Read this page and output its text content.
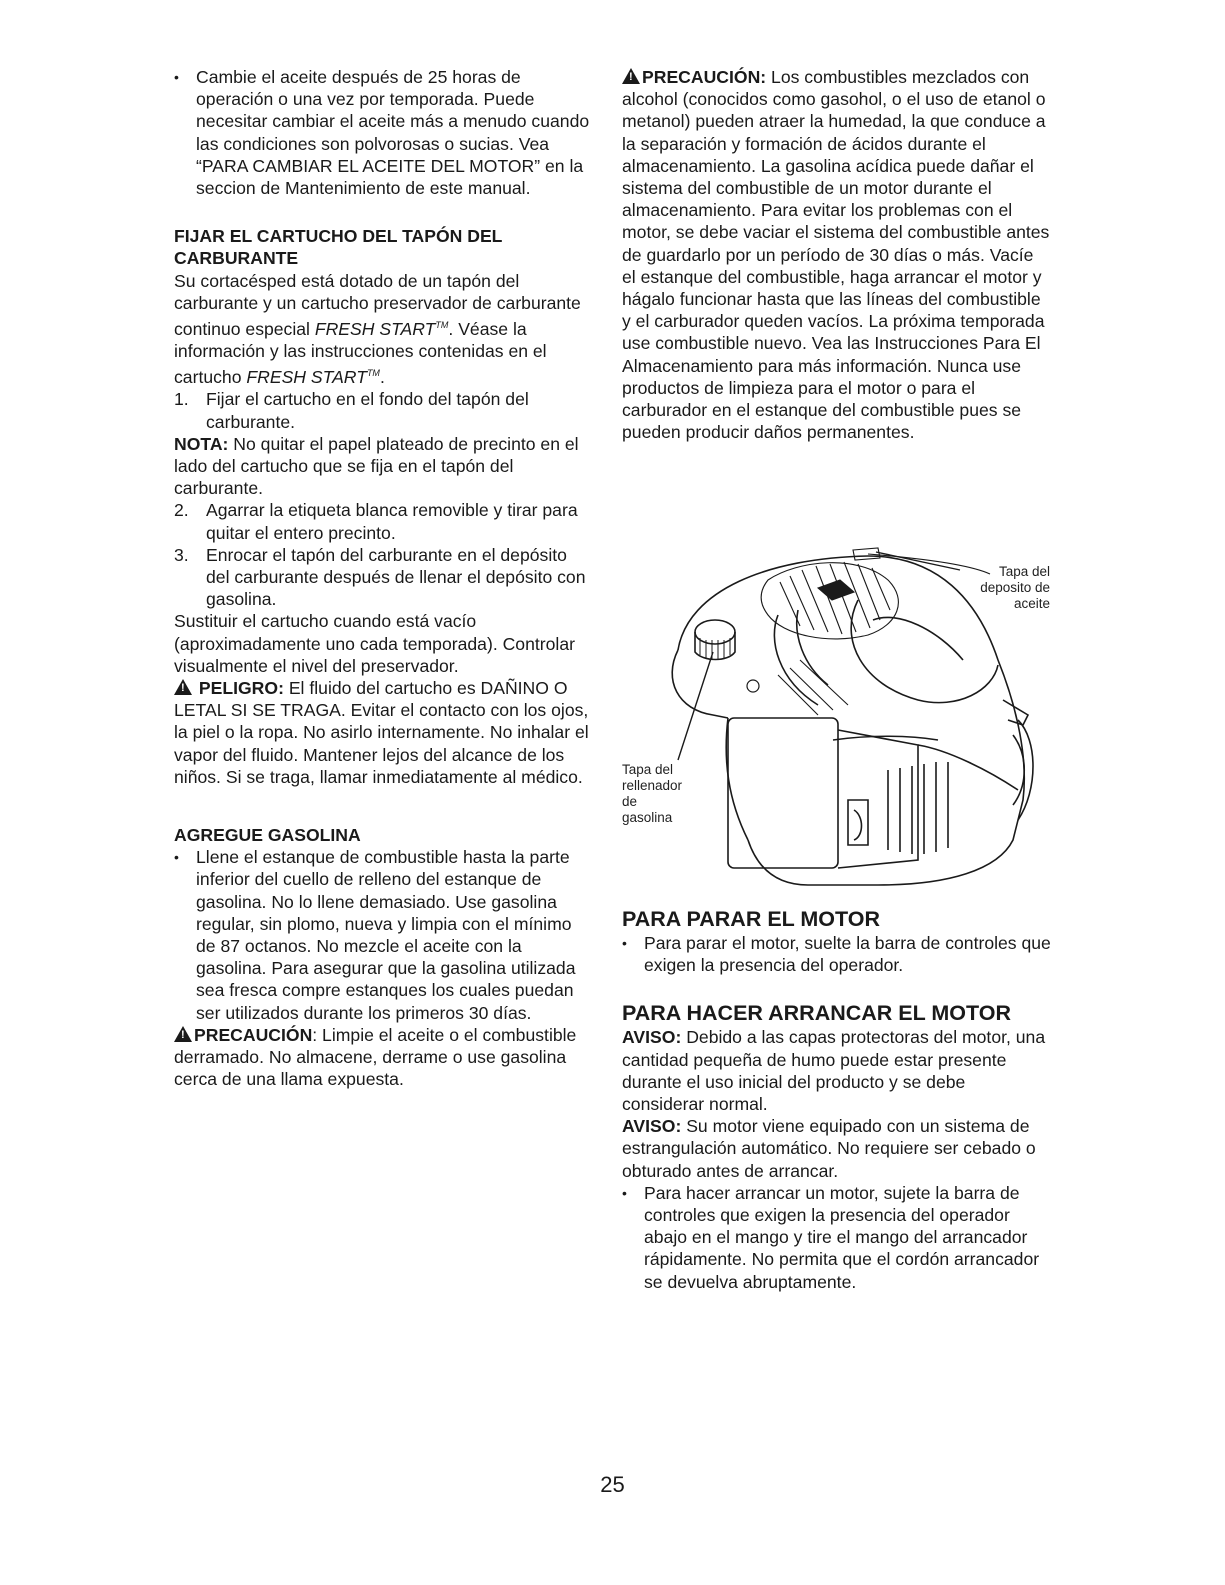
• Cambie el aceite después de 25 horas de operación o una vez por temporada. Puede necesitar cambiar el aceite más a menudo cuando las condiciones son polvorosas o sucias. Vea “PARA CAMBIAR EL ACEITE DEL MOTOR” en la seccion de Mantenimiento de este manual.

FIJAR EL CARTUCHO DEL TAPÓN DEL CARBURANTE

Su cortacésped está dotado de un tapón del carburante y un cartucho preservador de carburante continuo especial FRESH START™. Véase la información y las instrucciones contenidas en el cartucho FRESH START™.

1. Fijar el cartucho en el fondo del tapón del carburante.

NOTA: No quitar el papel plateado de precinto en el lado del cartucho que se fija en el tapón del carburante.

2. Agarrar la etiqueta blanca removible y tirar para quitar el entero precinto.

3. Enrocar el tapón del carburante en el depósito del carburante después de llenar el depósito con gasolina.

Sustituir el cartucho cuando está vacío (aproximadamente uno cada temporada). Controlar visualmente el nivel del preservador.

! PELIGRO: El fluido del cartucho es DAÑINO O LETAL SI SE TRAGA. Evitar el contacto con los ojos, la piel o la ropa. No asirlo internamente. No inhalar el vapor del fluido. Mantener lejos del alcance de los niños. Si se traga, llamar inmediatamente al médico.

AGREGUE GASOLINA

• Llene el estanque de combustible hasta la parte inferior del cuello de relleno del estanque de gasolina. No lo llene demasiado. Use gasolina regular, sin plomo, nueva y limpia con el mínimo de 87 octanos. No mezcle el aceite con la gasolina. Para asegurar que la gasolina utilizada sea fresca compre estanques los cuales puedan ser utilizados durante los primeros 30 días.

!PRECAUCIÓN: Limpie el aceite o el combustible derramado. No almacene, derrame o use gasolina cerca de una llama expuesta.

!PRECAUCIÓN: Los combustibles mezclados con alcohol (conocidos como gasohol, o el uso de etanol o metanol) pueden atraer la humedad, la que conduce a la separación y formación de ácidos durante el almacenamiento. La gasolina acídica puede dañar el sistema del combustible de un motor durante el almacenamiento. Para evitar los problemas con el motor, se debe vaciar el sistema del combustible antes de guardarlo por un período de 30 días o más. Vacíe el estanque del combustible, haga arrancar el motor y hágalo funcionar hasta que las líneas del combustible y el carburador queden vacíos. La próxima temporada use combustible nuevo. Vea las Instrucciones Para El Almacenamiento para más información. Nunca use productos de limpieza para el motor o para el carburador en el estanque del combustible pues se pueden producir daños permanentes.

Tapa del
deposito de
aceite
Tapa del
rellenador
de
gasolina

PARA PARAR EL MOTOR

• Para parar el motor, suelte la barra de controles que exigen la presencia del operador.

PARA HACER ARRANCAR EL MOTOR

AVISO: Debido a las capas protectoras del motor, una cantidad pequeña de humo puede estar presente durante el uso inicial del producto y se debe considerar normal.

AVISO: Su motor viene equipado con un sistema de estrangulación automático. No requiere ser cebado o obturado antes de arrancar.

• Para hacer arrancar un motor, sujete la barra de controles que exigen la presencia del operador abajo en el mango y tire el mango del arrancador rápidamente. No permita que el cordón arrancador se devuelva abruptamente.

25
